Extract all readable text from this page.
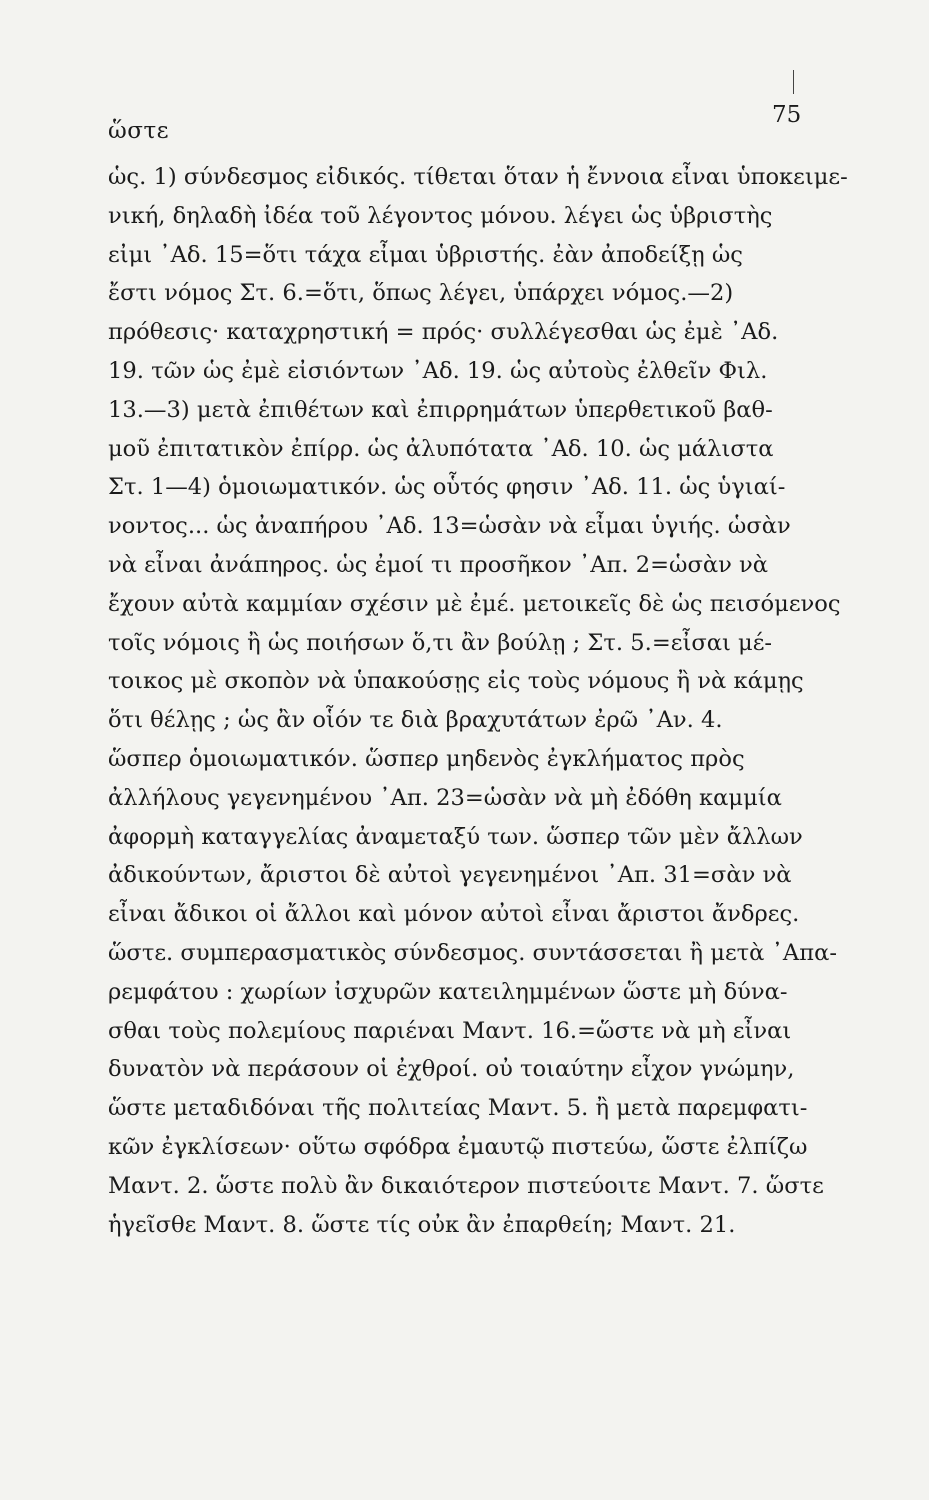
ὥστε
75
ὡς. 1) σύνδεσμος εἰδικός. τίθεται ὅταν ἡ ἔννοια εἶναι ὑποκειμε-
νική, δηλαδὴ ἰδέα τοῦ λέγοντος μόνου. λέγει ὡς ὑβριστὴς
εἰμι ᾿Αδ. 15=ὅτι τάχα εἶμαι ὑβριστής. ἐὰν ἀποδείξῃ ὡς
ἔστι νόμος Στ. 6.=ὅτι, ὅπως λέγει, ὑπάρχει νόμος.—2)
πρόθεσις· καταχρηστική = πρός· συλλέγεσθαι ὡς ἐμὲ ᾿Αδ.
19. τῶν ὡς ἐμὲ εἰσιόντων ᾿Αδ. 19. ὡς αὐτοὺς ἐλθεῖν Φιλ.
13.—3) μετὰ ἐπιθέτων καὶ ἐπιρρημάτων ὑπερθετικοῦ βαθ-
μοῦ ἐπιτατικὸν ἐπίρρ. ὡς ἀλυπότατα ᾿Αδ. 10. ὡς μάλιστα
Στ. 1—4) ὁμοιωματικόν. ὡς οὗτός φησιν ᾿Αδ. 11. ὡς ὑγιαί-
νοντος... ὡς ἀναπήρου ᾿Αδ. 13=ὡσὰν νὰ εἶμαι ὑγιής. ὡσὰν
νὰ εἶναι ἀνάπηρος. ὡς ἐμοί τι προσῆκον ᾿Απ. 2=ὡσὰν νὰ
ἔχουν αὐτὰ καμμίαν σχέσιν μὲ ἐμέ. μετοικεῖς δὲ ὡς πεισόμενος
τοῖς νόμοις ἢ ὡς ποιήσων ὅ,τι ἂν βούλῃ ; Στ. 5.=εἶσαι μέ-
τοικος μὲ σκοπὸν νὰ ὑπακούσῃς εἰς τοὺς νόμους ἢ νὰ κάμῃς
ὅτι θέλῃς ; ὡς ἂν οἷόν τε διὰ βραχυτάτων ἐρῶ ᾿Αν. 4.
ὥσπερ ὁμοιωματικόν. ὥσπερ μηδενὸς ἐγκλήματος πρὸς
ἀλλήλους γεγενημένου ᾿Απ. 23=ὡσὰν νὰ μὴ ἐδόθη καμμία
ἀφορμὴ καταγγελίας ἀναμεταξύ των. ὥσπερ τῶν μὲν ἄλλων
ἀδικούντων, ἄριστοι δὲ αὐτοὶ γεγενημένοι ᾿Απ. 31=σὰν νὰ
εἶναι ἄδικοι οἱ ἄλλοι καὶ μόνον αὐτοὶ εἶναι ἄριστοι ἄνδρες.
ὥστε. συμπερασματικὸς σύνδεσμος. συντάσσεται ἢ μετὰ ᾿Απα-
ρεμφάτου : χωρίων ἰσχυρῶν κατειλημμένων ὥστε μὴ δύνα-
σθαι τοὺς πολεμίους παριέναι Μαντ. 16.=ὥστε νὰ μὴ εἶναι
δυνατὸν νὰ περάσουν οἱ ἐχθροί. οὐ τοιαύτην εἶχον γνώμην,
ὥστε μεταδιδόναι τῆς πολιτείας Μαντ. 5. ἢ μετὰ παρεμφατι-
κῶν ἐγκλίσεων· οὕτω σφόδρα ἐμαυτῷ πιστεύω, ὥστε ἐλπίζω
Μαντ. 2. ὥστε πολὺ ἂν δικαιότερον πιστεύοιτε Μαντ. 7. ὥστε
ἡγεῖσθε Μαντ. 8. ὥστε τίς οὐκ ἂν ἐπαρθείη; Μαντ. 21.
